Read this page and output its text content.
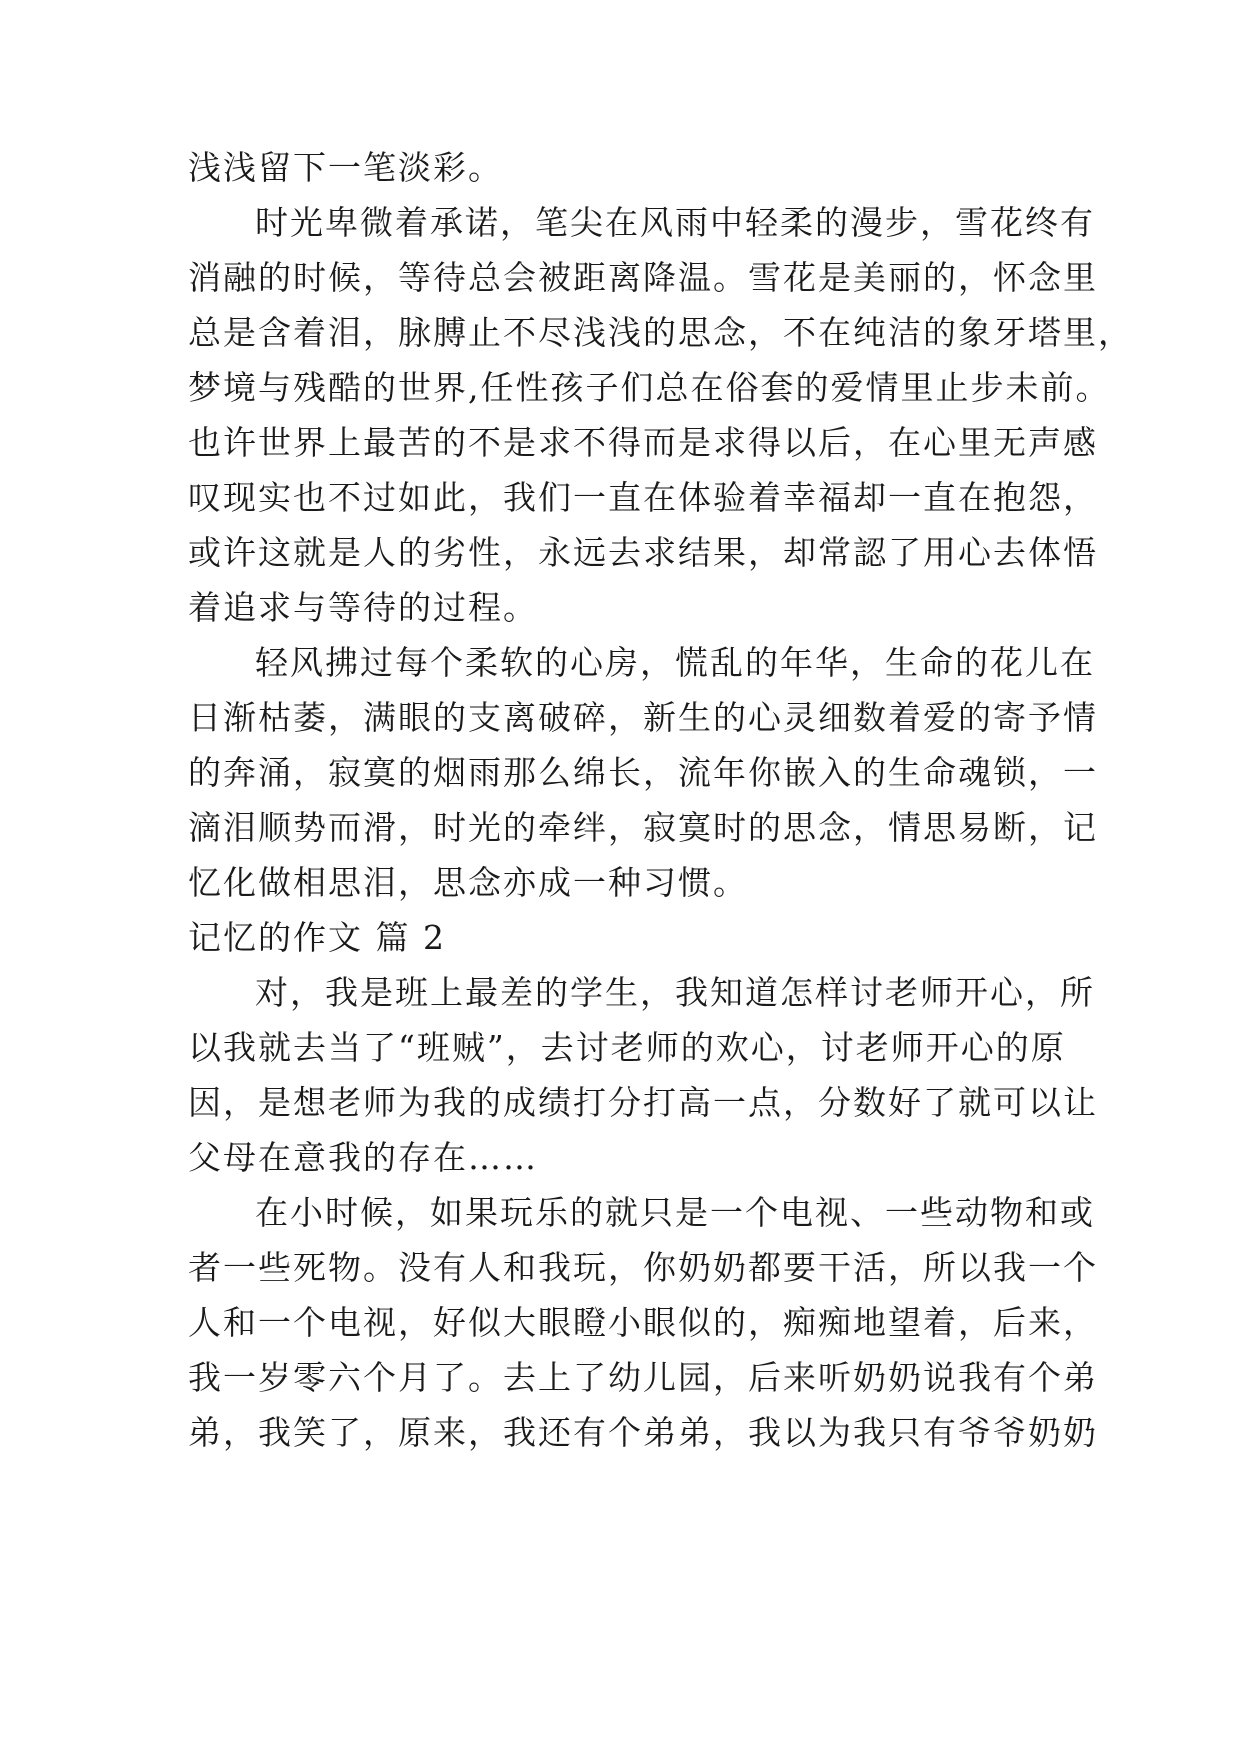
浅浅留下一笔淡彩。
时光卑微着承诺，笔尖在风雨中轻柔的漫步，雪花终有
消融的时候，等待总会被距离降温。雪花是美丽的，怀念里
总是含着泪，脉膊止不尽浅浅的思念，不在纯洁的象牙塔里，
梦境与残酷的世界,任性孩子们总在俗套的爱情里止步未前。
也许世界上最苦的不是求不得而是求得以后，在心里无声感
叹现实也不过如此，我们一直在体验着幸福却一直在抱怨，
或许这就是人的劣性，永远去求结果，却常認了用心去体悟
着追求与等待的过程。
轻风拂过每个柔软的心房，慌乱的年华，生命的花儿在
日渐枯萎，满眼的支离破碎，新生的心灵细数着爱的寄予情
的奔涌，寂寞的烟雨那么绵长，流年你嵌入的生命魂锁，一
滴泪顺势而滑，时光的牵绊，寂寞时的思念，情思易断，记
忆化做相思泪，思念亦成一种习惯。
记忆的作文 篇 2
对，我是班上最差的学生，我知道怎样讨老师开心，所
以我就去当了“班贼”，去讨老师的欢心，讨老师开心的原
因，是想老师为我的成绩打分打高一点，分数好了就可以让
父母在意我的存在……
在小时候，如果玩乐的就只是一个电视、一些动物和或
者一些死物。没有人和我玩，你奶奶都要干活，所以我一个
人和一个电视，好似大眼瞪小眼似的，痴痴地望着，后来，
我一岁零六个月了。去上了幼儿园，后来听奶奶说我有个弟
弟，我笑了，原来，我还有个弟弟，我以为我只有爷爷奶奶
